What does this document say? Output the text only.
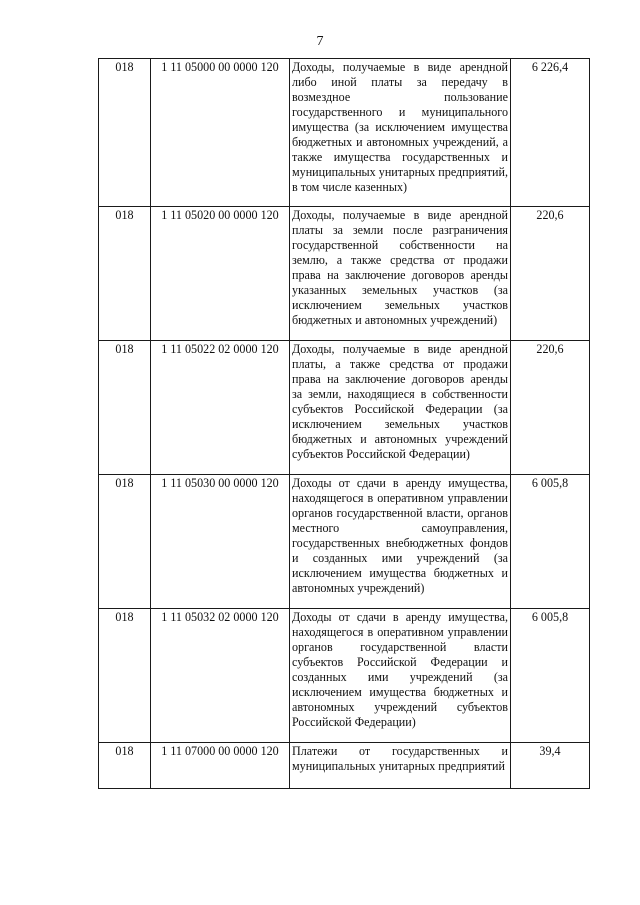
7
018	1 11 05000 00 0000 120	Доходы, получаемые в виде арендной либо иной платы за передачу в возмездное пользование государственного и муниципального имущества (за исключением имущества бюджетных и автономных учреждений, а также имущества государственных и муниципальных унитарных предприятий, в том числе казенных)	6 226,4
018	1 11 05020 00 0000 120	Доходы, получаемые в виде арендной платы за земли после разграничения государственной собственности на землю, а также средства от продажи права на заключение договоров аренды указанных земельных участков (за исключением земельных участков бюджетных и автономных учреждений)	220,6
018	1 11 05022 02 0000 120	Доходы, получаемые в виде арендной платы, а также средства от продажи права на заключение договоров аренды за земли, находящиеся в собственности субъектов Российской Федерации (за исключением земельных участков бюджетных и автономных учреждений субъектов Российской Федерации)	220,6
018	1 11 05030 00 0000 120	Доходы от сдачи в аренду имущества, находящегося в оперативном управлении органов государственной власти, органов местного самоуправления, государственных внебюджетных фондов и созданных ими учреждений (за исключением имущества бюджетных и автономных учреждений)	6 005,8
018	1 11 05032 02 0000 120	Доходы от сдачи в аренду имущества, находящегося в оперативном управлении органов государственной власти субъектов Российской Федерации и созданных ими учреждений (за исключением имущества бюджетных и автономных учреждений субъектов Российской Федерации)	6 005,8
018	1 11 07000 00 0000 120	Платежи от государственных и муниципальных унитарных предприятий	39,4
